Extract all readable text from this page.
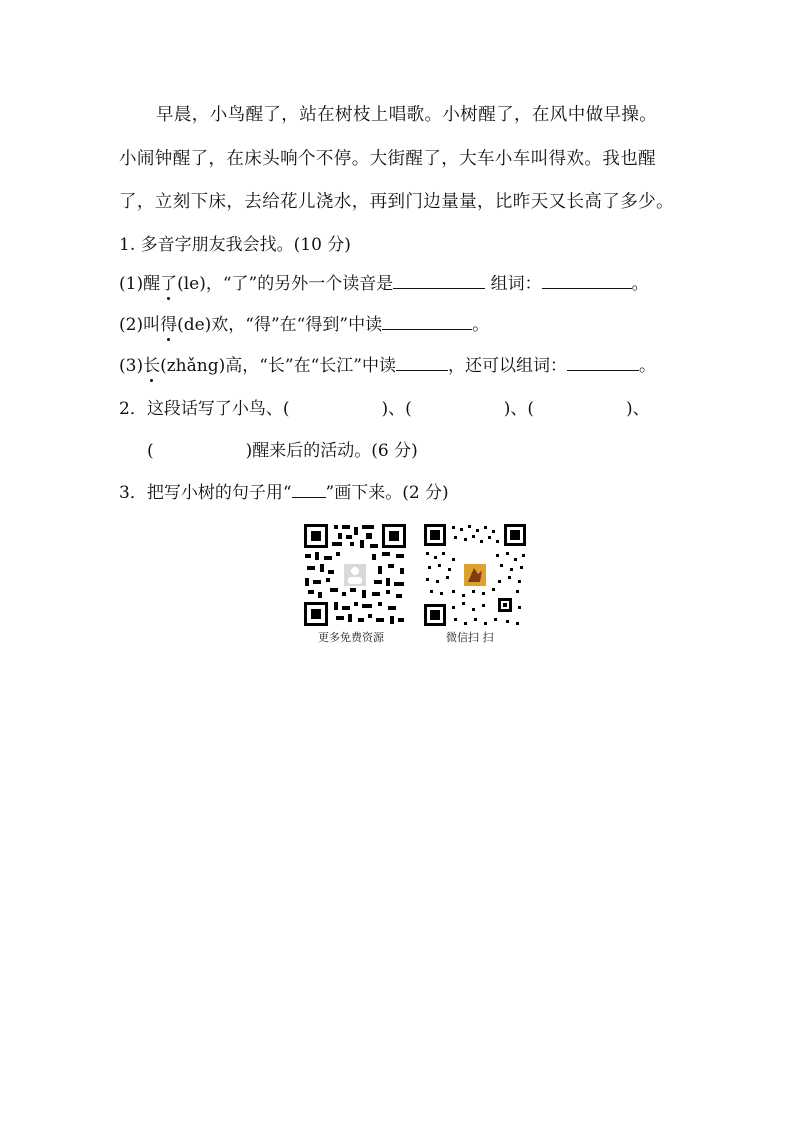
早晨，小鸟醒了，站在树枝上唱歌。小树醒了，在风中做早操。
小闹钟醒了，在床头响个不停。大街醒了，大车小车叫得欢。我也醒
了，立刻下床，去给花儿浇水，再到门边量量，比昨天又长高了多少。
1. 多音字朋友我会找。(10 分)
(1)醒了(le)，“了”的另外一个读音是	组词：	。
(2)叫得(de)欢，“得”在“得到”中读	。
(3)长(zhǎng)高，“长”在“长江”中读	，还可以组词：	。
2．这段话写了小鸟、(	)、(	)、(	)、
(	)醒来后的活动。(6 分)
3．把写小树的句子用“ ”画下来。(2 分)
更多免费资源	微信扫 扫
